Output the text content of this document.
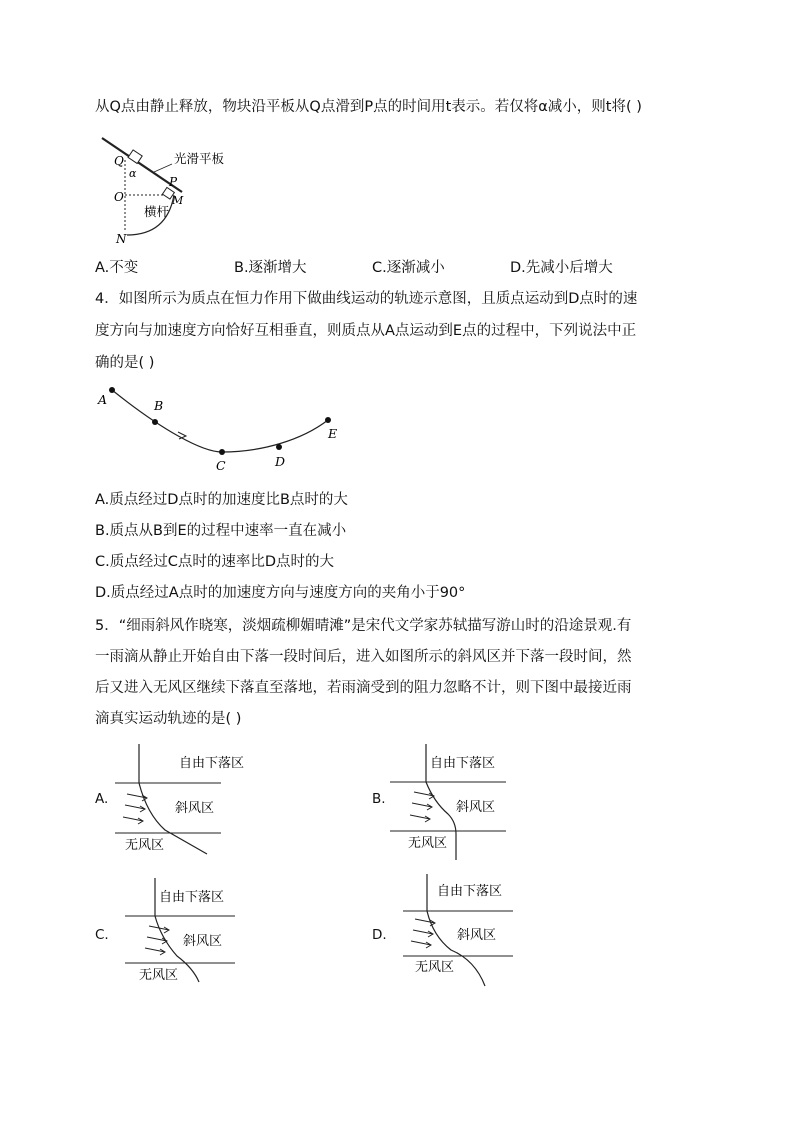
从Q点由静止释放，物块沿平板从Q点滑到P点的时间用t表示。若仅将α减小，则t将( )
Q
α
光滑平板
P
O	M
横杆
N
A.不变	B.逐渐增大	C.逐渐减小	D.先减小后增大
4．如图所示为质点在恒力作用下做曲线运动的轨迹示意图，且质点运动到D点时的速
度方向与加速度方向恰好互相垂直，则质点从A点运动到E点的过程中，下列说法中正
确的是( )
A	B
C	D
E
A.质点经过D点时的加速度比B点时的大
B.质点从B到E的过程中速率一直在减小
C.质点经过C点时的速率比D点时的大
D.质点经过A点时的加速度方向与速度方向的夹角小于90°
5．“细雨斜风作晓寒，淡烟疏柳媚晴滩”是宋代文学家苏轼描写游山时的沿途景观.有
一雨滴从静止开始自由下落一段时间后，进入如图所示的斜风区并下落一段时间，然
后又进入无风区继续下落直至落地，若雨滴受到的阻力忽略不计，则下图中最接近雨
滴真实运动轨迹的是( )
A.
自由下落区
斜风区
无风区
B.
自由下落区
斜风区
无风区
C.
自由下落区
斜风区
无风区
D.
自由下落区
斜风区
无风区
